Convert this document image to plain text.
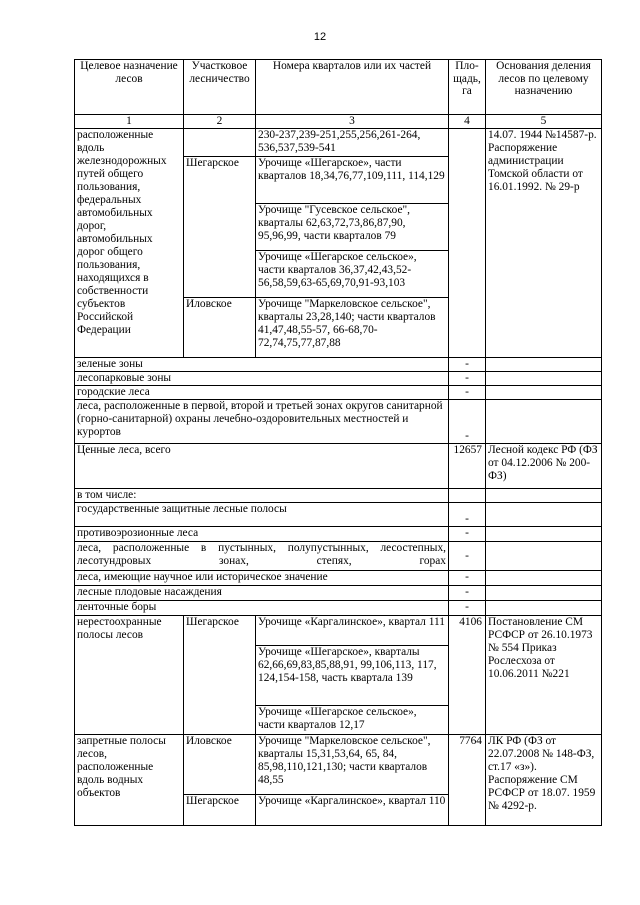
12
Целевое назначение лесов	Участковое лесничество	Номера кварталов или их частей	Пло-щадь, га	Основания деления лесов по целевому назначению
1	2	3	4	5
расположенные вдоль железнодорожных путей общего пользования, федеральных автомобильных дорог, автомобильных дорог общего пользования, находящихся в собственности субъектов Российской Федерации		230-237,239-251,255,256,261-264, 536,537,539-541		14.07. 1944 №14587-р. Распоряжение администрации Томской области от 16.01.1992. № 29-р
	Шегарское	Урочище «Шегарское», части кварталов 18,34,76,77,109,111, 114,129		
		Урочище "Гусевское сельское", кварталы 62,63,72,73,86,87,90, 95,96,99, части кварталов 79		
		Урочище «Шегарское сельское», части кварталов 36,37,42,43,52-56,58,59,63-65,69,70,91-93,103		
	Иловское	Урочище "Маркеловское сельское", кварталы 23,28,140; части кварталов 41,47,48,55-57, 66-68,70-72,74,75,77,87,88		
зеленые зоны			-	
лесопарковые зоны			-	
городские леса			-	
леса, расположенные в первой, второй и третьей зонах округов санитарной (горно-санитарной) охраны лечебно-оздоровительных местностей и курортов			-	
Ценные леса, всего			12657	Лесной кодекс РФ (ФЗ от 04.12.2006 № 200-ФЗ)
в том числе:				
государственные защитные лесные полосы			-	
противоэрозионные леса			-	
леса, расположенные в пустынных, полупустынных, лесостепных, лесотундровых зонах, степях, горах			-	
леса, имеющие научное или историческое значение			-	
лесные плодовые насаждения			-	
ленточные боры			-	
нерестоохранные полосы лесов	Шегарское	Урочище «Каргалинское», квартал 111	4106	Постановление СМ РСФСР от 26.10.1973 № 554 Приказ Рослесхоза от 10.06.2011 №221
		Урочище «Шегарское», кварталы 62,66,69,83,85,88,91, 99,106,113, 117, 124,154-158, часть квартала 139		
		Урочище «Шегарское сельское», части кварталов 12,17		
запретные полосы лесов, расположенные вдоль водных объектов	Иловское	Урочище "Маркеловское сельское", кварталы 15,31,53,64, 65, 84, 85,98,110,121,130; части кварталов 48,55	7764	ЛК РФ (ФЗ от 22.07.2008 № 148-ФЗ, ст.17 «з»). Распоряжение СМ РСФСР от 18.07. 1959 № 4292-р.
	Шегарское	Урочище «Каргалинское», квартал 110		
